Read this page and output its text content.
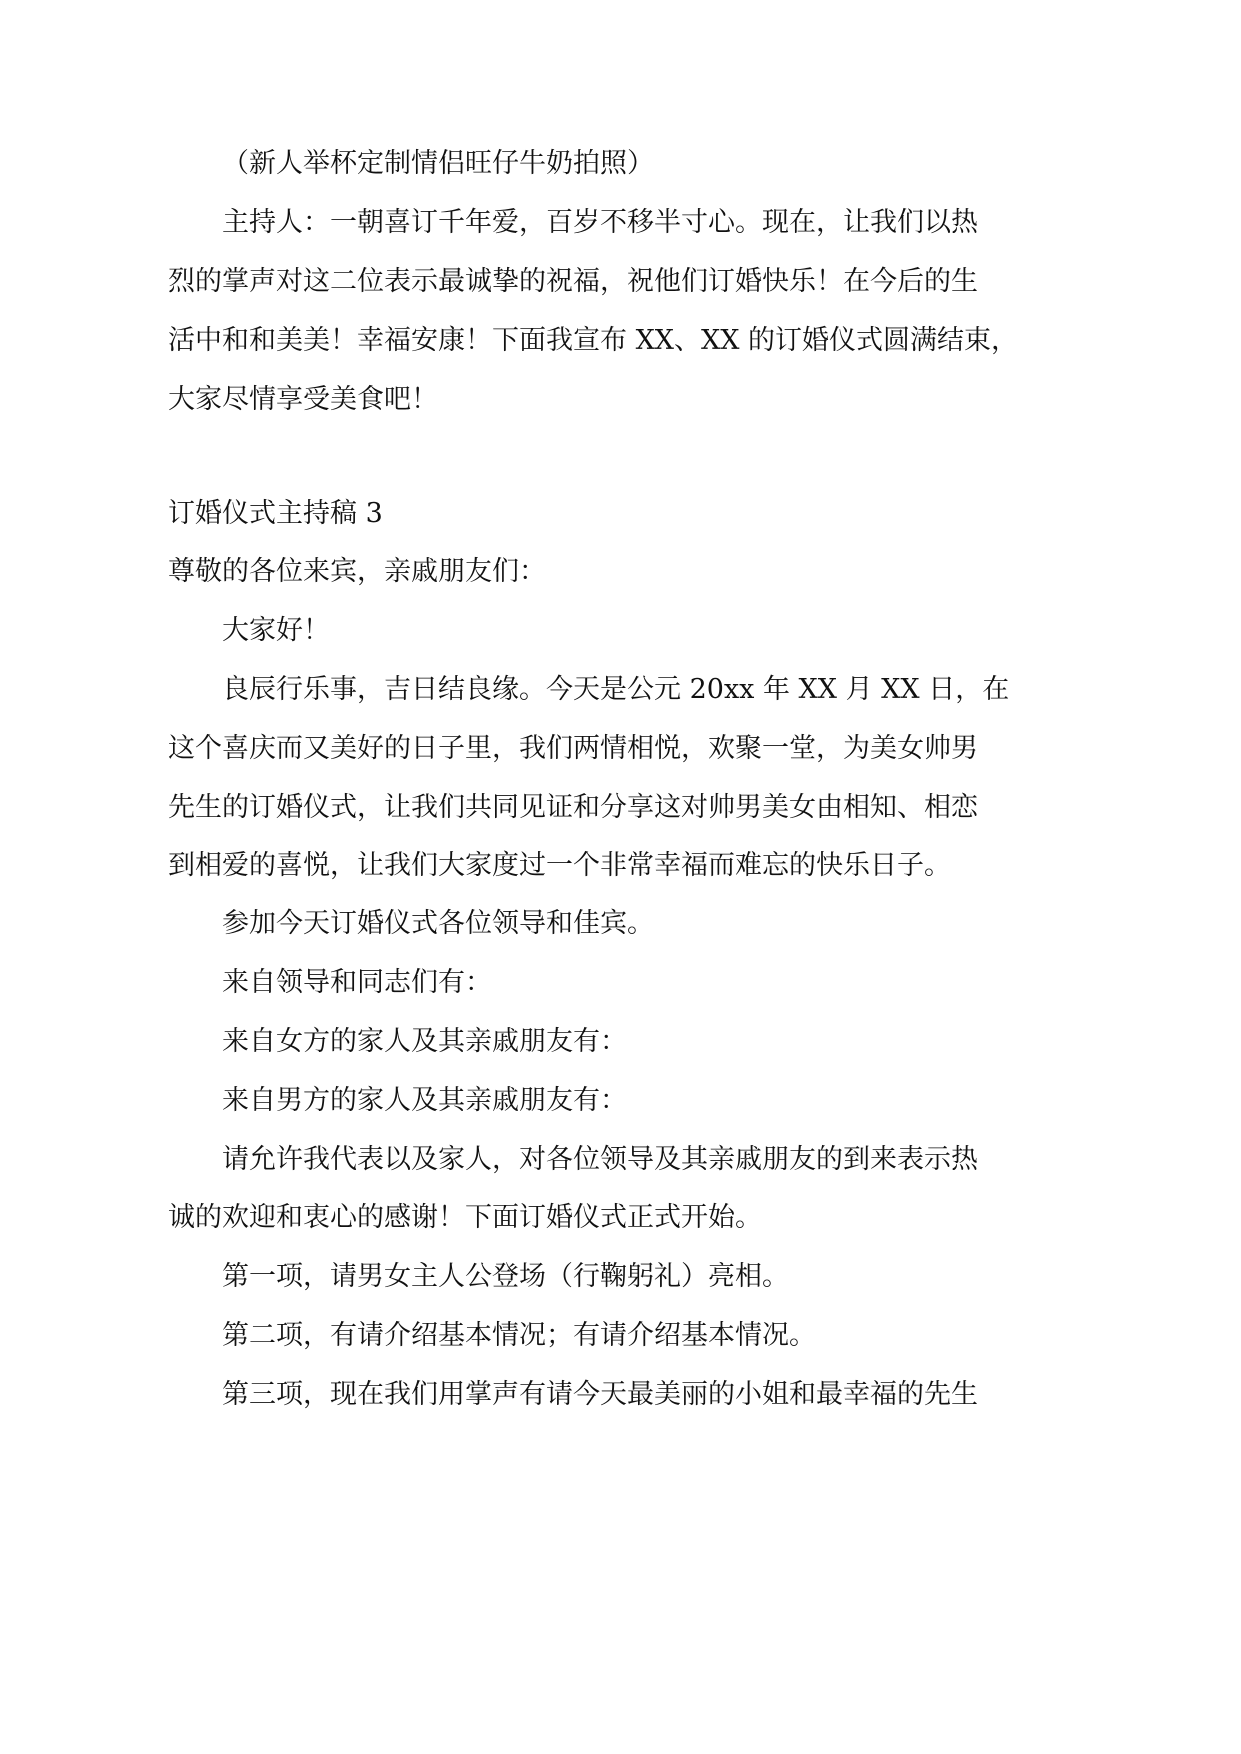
（新人举杯定制情侣旺仔牛奶拍照）

主持人：一朝喜订千年爱，百岁不移半寸心。现在，让我们以热

烈的掌声对这二位表示最诚挚的祝福，祝他们订婚快乐！在今后的生

活中和和美美！幸福安康！下面我宣布 XX、XX 的订婚仪式圆满结束，

大家尽情享受美食吧！

订婚仪式主持稿 3

尊敬的各位来宾，亲戚朋友们：

大家好！

良辰行乐事，吉日结良缘。今天是公元 20xx 年 XX 月 XX 日，在

这个喜庆而又美好的日子里，我们两情相悦，欢聚一堂，为美女帅男

先生的订婚仪式，让我们共同见证和分享这对帅男美女由相知、相恋

到相爱的喜悦，让我们大家度过一个非常幸福而难忘的快乐日子。

参加今天订婚仪式各位领导和佳宾。

来自领导和同志们有：

来自女方的家人及其亲戚朋友有：

来自男方的家人及其亲戚朋友有：

请允许我代表以及家人，对各位领导及其亲戚朋友的到来表示热

诚的欢迎和衷心的感谢！下面订婚仪式正式开始。

第一项，请男女主人公登场（行鞠躬礼）亮相。

第二项，有请介绍基本情况；有请介绍基本情况。

第三项，现在我们用掌声有请今天最美丽的小姐和最幸福的先生
